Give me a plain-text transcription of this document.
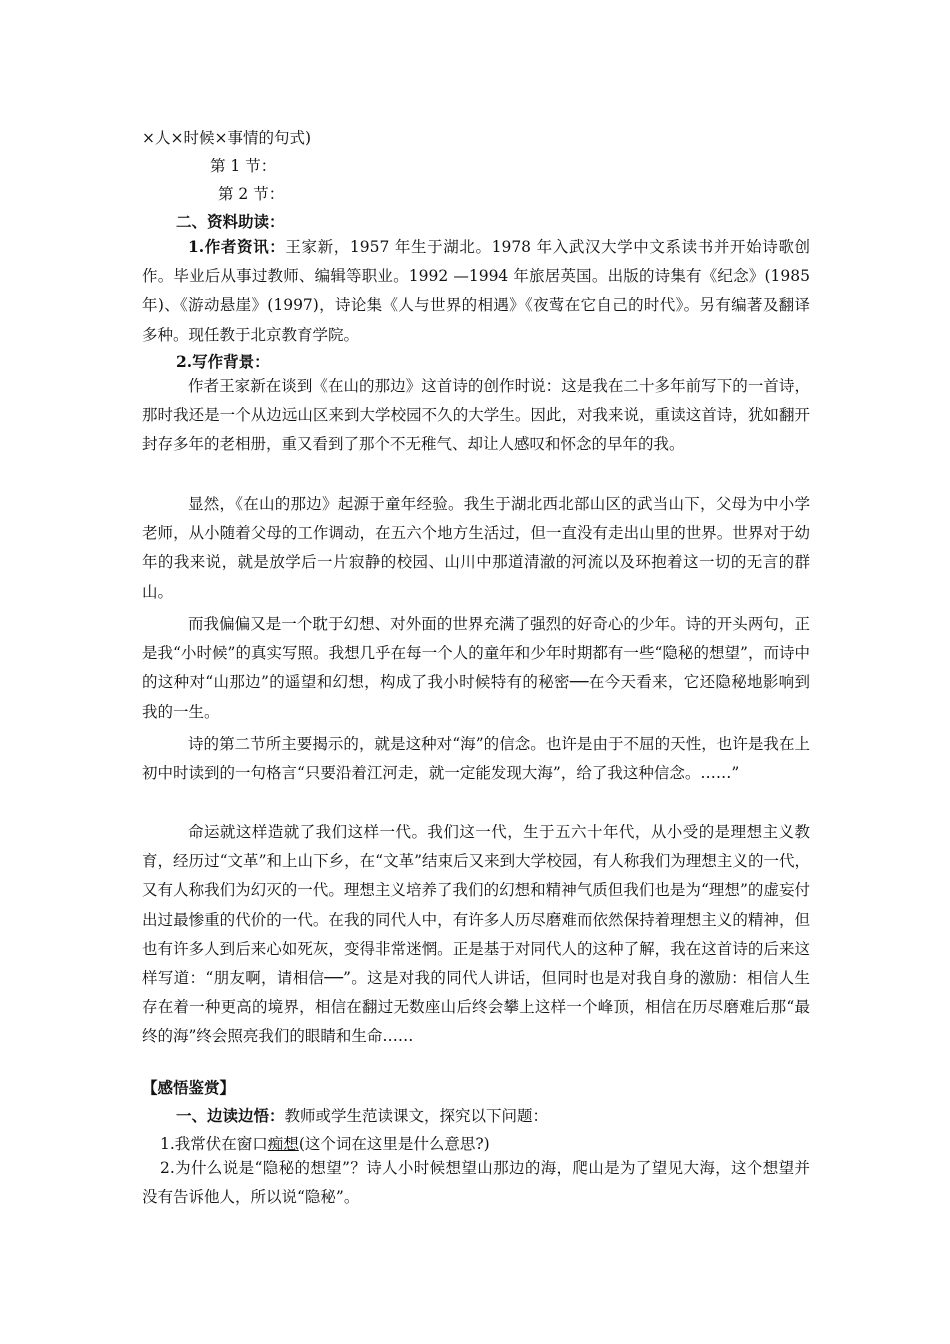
×人×时候×事情的句式)
第 1 节：
第 2 节：
二、资料助读：
1.作者资讯：王家新，1957 年生于湖北。1978 年入武汉大学中文系读书并开始诗歌创作。毕业后从事过教师、编辑等职业。1992 —1994 年旅居英国。出版的诗集有《纪念》(1985 年)、《游动悬崖》(1997)，诗论集《人与世界的相遇》《夜莺在它自己的时代》。另有编著及翻译多种。现任教于北京教育学院。
2.写作背景：
作者王家新在谈到《在山的那边》这首诗的创作时说：这是我在二十多年前写下的一首诗，那时我还是一个从边远山区来到大学校园不久的大学生。因此，对我来说，重读这首诗，犹如翻开封存多年的老相册，重又看到了那个不无稚气、却让人感叹和怀念的早年的我。
显然，《在山的那边》起源于童年经验。我生于湖北西北部山区的武当山下，父母为中小学老师，从小随着父母的工作调动，在五六个地方生活过，但一直没有走出山里的世界。世界对于幼年的我来说，就是放学后一片寂静的校园、山川中那道清澈的河流以及环抱着这一切的无言的群山。
而我偏偏又是一个耽于幻想、对外面的世界充满了强烈的好奇心的少年。诗的开头两句，正是我“小时候”的真实写照。我想几乎在每一个人的童年和少年时期都有一些“隐秘的想望”，而诗中的这种对“山那边”的遥望和幻想，构成了我小时候特有的秘密──在今天看来，它还隐秘地影响到我的一生。
诗的第二节所主要揭示的，就是这种对“海”的信念。也许是由于不屈的天性，也许是我在上初中时读到的一句格言“只要沿着江河走，就一定能发现大海”，给了我这种信念。……”
命运就这样造就了我们这样一代。我们这一代，生于五六十年代，从小受的是理想主义教育，经历过“文革”和上山下乡，在“文革”结束后又来到大学校园，有人称我们为理想主义的一代，又有人称我们为幻灭的一代。理想主义培养了我们的幻想和精神气质但我们也是为“理想”的虚妄付出过最惨重的代价的一代。在我的同代人中，有许多人历尽磨难而依然保持着理想主义的精神，但也有许多人到后来心如死灰，变得非常迷惘。正是基于对同代人的这种了解，我在这首诗的后来这样写道：“朋友啊，请相信──”。这是对我的同代人讲话，但同时也是对我自身的激励：相信人生存在着一种更高的境界，相信在翻过无数座山后终会攀上这样一个峰顶，相信在历尽磨难后那“最终的海”终会照亮我们的眼睛和生命……
【感悟鉴赏】
一、边读边悟：教师或学生范读课文，探究以下问题：
1.我常伏在窗口痴想(这个词在这里是什么意思?)
2.为什么说是“隐秘的想望”？诗人小时候想望山那边的海，爬山是为了望见大海，这个想望并没有告诉他人，所以说“隐秘”。
